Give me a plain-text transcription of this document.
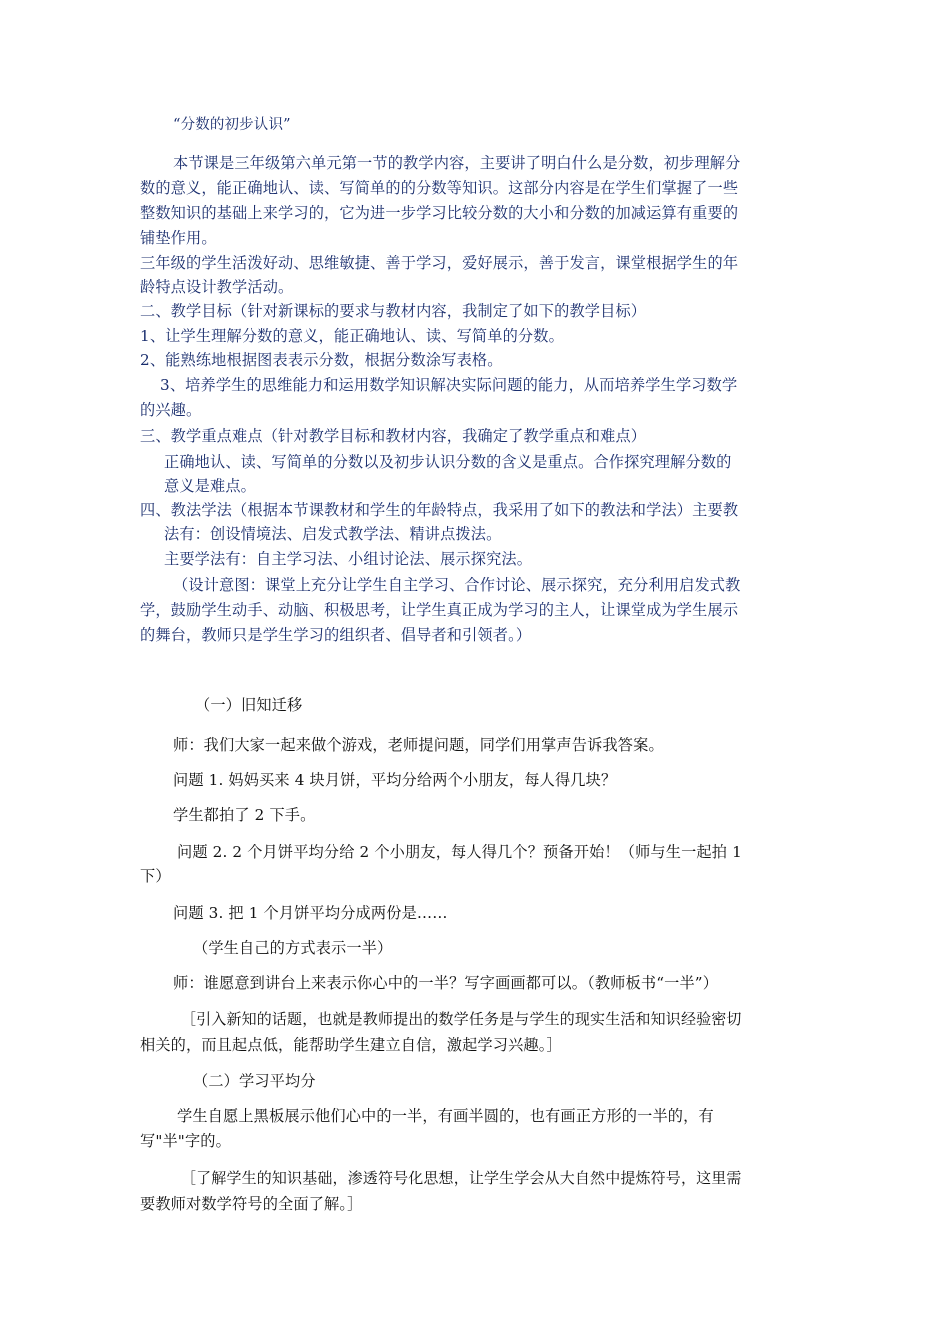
“分数的初步认识”
本节课是三年级第六单元第一节的教学内容，主要讲了明白什么是分数，初步理解分
数的意义，能正确地认、读、写简单的的分数等知识。这部分内容是在学生们掌握了一些
整数知识的基础上来学习的，它为进一步学习比较分数的大小和分数的加减运算有重要的
铺垫作用。
三年级的学生活泼好动、思维敏捷、善于学习，爱好展示，善于发言，课堂根据学生的年
龄特点设计教学活动。
二、教学目标（针对新课标的要求与教材内容，我制定了如下的教学目标）
1、让学生理解分数的意义，能正确地认、读、写简单的分数。
2、能熟练地根据图表表示分数，根据分数涂写表格。
3、培养学生的思维能力和运用数学知识解决实际问题的能力，从而培养学生学习数学
的兴趣。
三、教学重点难点（针对教学目标和教材内容，我确定了教学重点和难点）
正确地认、读、写简单的分数以及初步认识分数的含义是重点。合作探究理解分数的
意义是难点。
四、教法学法（根据本节课教材和学生的年龄特点，我采用了如下的教法和学法）主要教
法有：创设情境法、启发式教学法、精讲点拨法。
主要学法有：自主学习法、小组讨论法、展示探究法。
（设计意图：课堂上充分让学生自主学习、合作讨论、展示探究，充分利用启发式教
学，鼓励学生动手、动脑、积极思考，让学生真正成为学习的主人，让课堂成为学生展示
的舞台，教师只是学生学习的组织者、倡导者和引领者。）
（一）旧知迁移
师：我们大家一起来做个游戏，老师提问题，同学们用掌声告诉我答案。
问题 1. 妈妈买来 4 块月饼，平均分给两个小朋友，每人得几块？
学生都拍了 2 下手。
问题 2. 2 个月饼平均分给 2 个小朋友，每人得几个？预备开始！（师与生一起拍 1
下）
问题 3. 把 1 个月饼平均分成两份是……
（学生自己的方式表示一半）
师：谁愿意到讲台上来表示你心中的一半？写字画画都可以。（教师板书“一半”）
［引入新知的话题，也就是教师提出的数学任务是与学生的现实生活和知识经验密切
相关的，而且起点低，能帮助学生建立自信，激起学习兴趣。］
（二）学习平均分
学生自愿上黑板展示他们心中的一半，有画半圆的，也有画正方形的一半的，有
写"半"字的。
［了解学生的知识基础，渗透符号化思想，让学生学会从大自然中提炼符号，这里需
要教师对数学符号的全面了解。］
